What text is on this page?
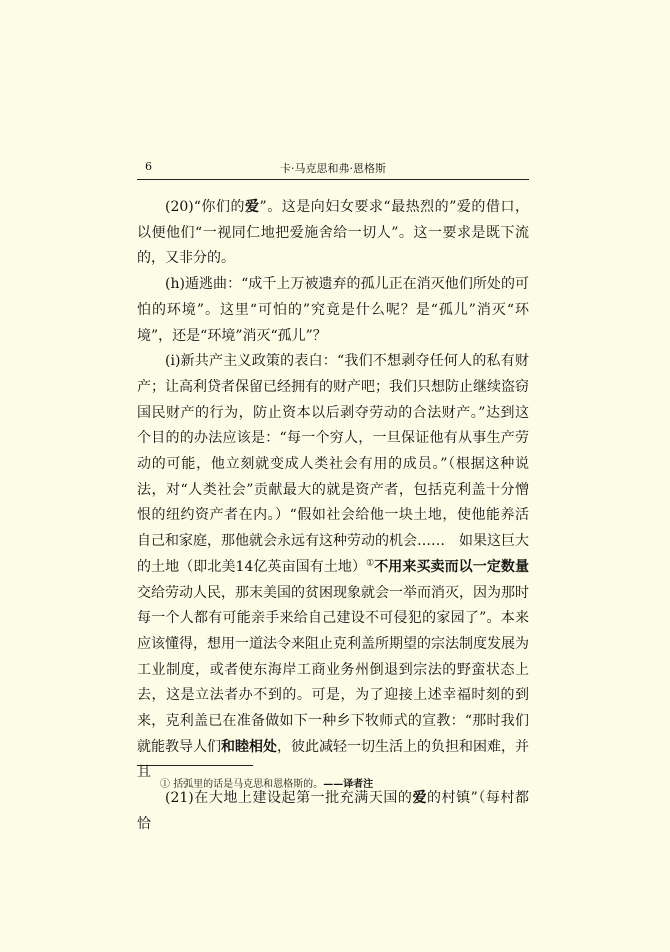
6	卡·马克思和弗·恩格斯

(20)“你们的爱”。这是向妇女要求“最热烈的”爱的借口，以便他们“一视同仁地把爱施舍给一切人”。这一要求是既下流的，又非分的。

(h)遁逃曲：“成千上万被遗弃的孤儿正在消灭他们所处的可怕的环境”。这里“可怕的”究竟是什么呢？是“孤儿”消灭“环境”，还是“环境”消灭“孤儿”？

(i)新共产主义政策的表白：“我们不想剥夺任何人的私有财产；让高利贷者保留已经拥有的财产吧；我们只想防止继续盗窃国民财产的行为，防止资本以后剥夺劳动的合法财产。”达到这个目的的办法应该是：“每一个穷人，一旦保证他有从事生产劳动的可能，他立刻就变成人类社会有用的成员。”（根据这种说法，对“人类社会”贡献最大的就是资产者，包括克利盖十分憎恨的纽约资产者在内。）“假如社会给他一块土地，使他能养活自己和家庭，那他就会永远有这种劳动的机会……　如果这巨大的土地（即北美14亿英亩国有土地）①不用来买卖而以一定数量交给劳动人民，那末美国的贫困现象就会一举而消灭，因为那时每一个人都有可能亲手来给自己建设不可侵犯的家园了”。本来应该懂得，想用一道法令来阻止克利盖所期望的宗法制度发展为工业制度，或者使东海岸工商业务州倒退到宗法的野蛮状态上去，这是立法者办不到的。可是，为了迎接上述幸福时刻的到来，克利盖已在准备做如下一种乡下牧师式的宣教：“那时我们就能教导人们和睦相处，彼此减轻一切生活上的负担和困难，并且

(21)在大地上建设起第一批充满天国的爱的村镇”（每村都恰

① 括弧里的话是马克思和恩格斯的。——译者注
